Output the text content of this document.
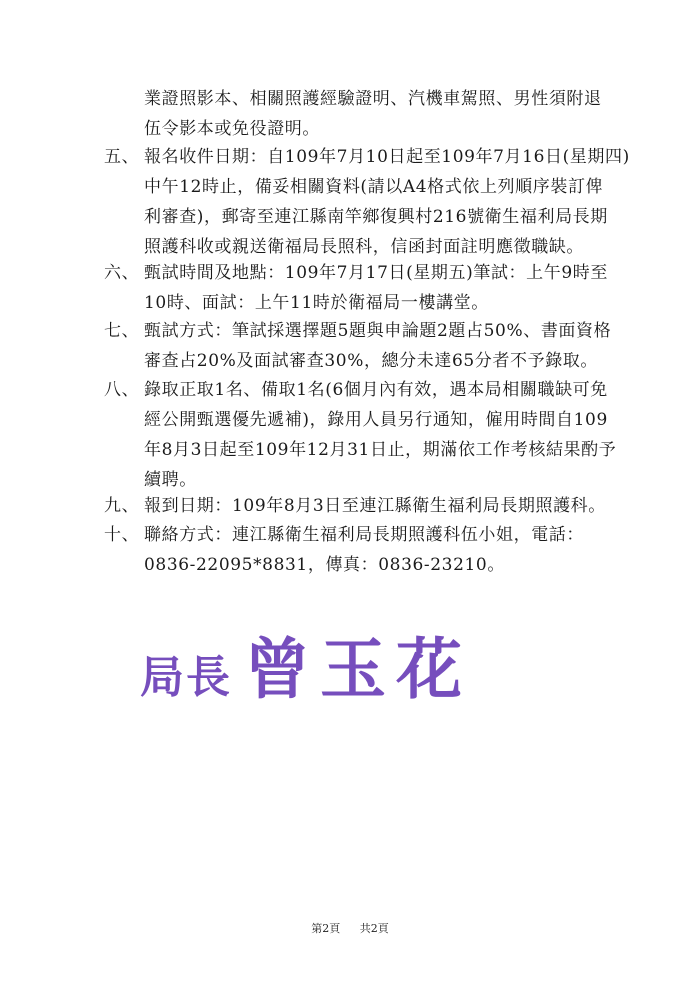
業證照影本、相關照護經驗證明、汽機車駕照、男性須附退
伍令影本或免役證明。
五、 報名收件日期：自109年7月10日起至109年7月16日(星期四)
中午12時止，備妥相關資料(請以A4格式依上列順序裝訂俾
利審查)，郵寄至連江縣南竿鄉復興村216號衛生福利局長期
照護科收或親送衛福局長照科，信函封面註明應徵職缺。
六、 甄試時間及地點：109年7月17日(星期五)筆試：上午9時至
10時、面試：上午11時於衛福局一樓講堂。
七、 甄試方式：筆試採選擇題5題與申論題2題占50%、書面資格
審查占20%及面試審查30%，總分未達65分者不予錄取。
八、 錄取正取1名、備取1名(6個月內有效，遇本局相關職缺可免
經公開甄選優先遞補)，錄用人員另行通知，僱用時間自109
年8月3日起至109年12月31日止，期滿依工作考核結果酌予
續聘。
九、 報到日期：109年8月3日至連江縣衛生福利局長期照護科。
十、 聯絡方式：連江縣衛生福利局長期照護科伍小姐，電話：
0836-22095*8831，傳真：0836-23210。
局長 曾玉花
第2頁 共2頁
